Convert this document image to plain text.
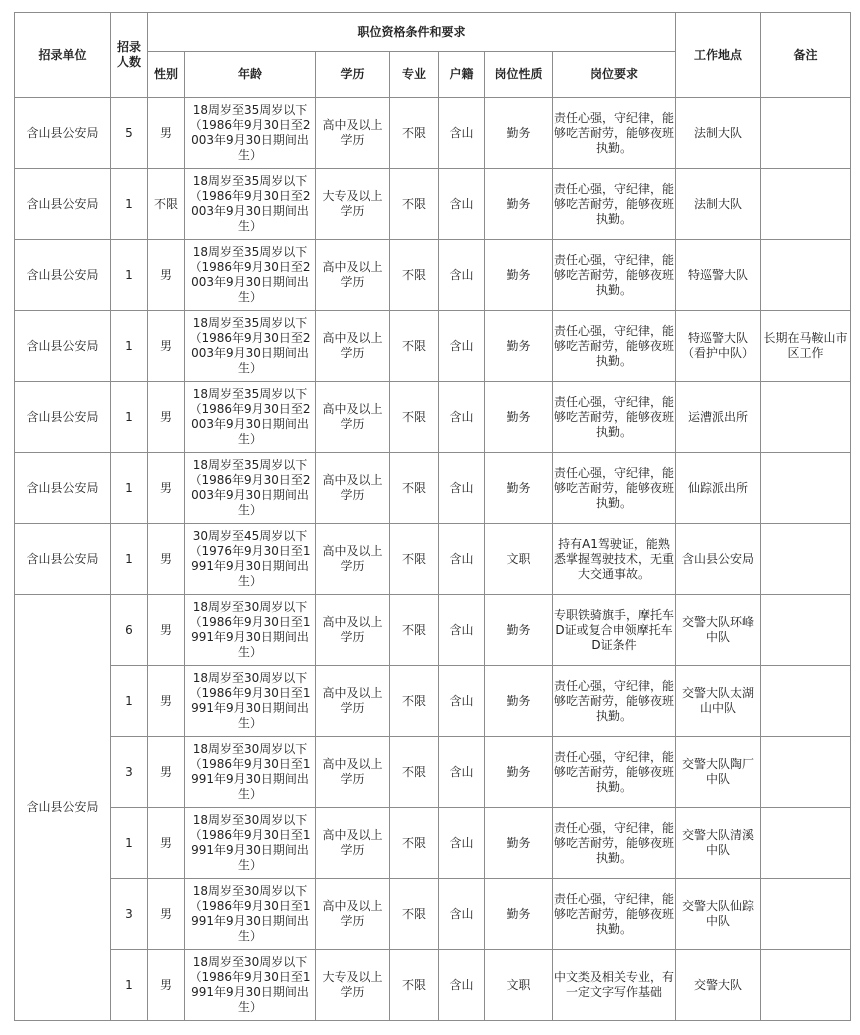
招录单位	招录人数	职位资格条件和要求							工作地点	备注
		性别	年龄	学历	专业	户籍	岗位性质	岗位要求		
含山县公安局	5	男	18周岁至35周岁以下（1986年9月30日至2003年9月30日期间出生）	高中及以上学历	不限	含山	勤务	责任心强，守纪律，能够吃苦耐劳，能够夜班执勤。	法制大队	
含山县公安局	1	不限	18周岁至35周岁以下（1986年9月30日至2003年9月30日期间出生）	大专及以上学历	不限	含山	勤务	责任心强，守纪律，能够吃苦耐劳，能够夜班执勤。	法制大队	
含山县公安局	1	男	18周岁至35周岁以下（1986年9月30日至2003年9月30日期间出生）	高中及以上学历	不限	含山	勤务	责任心强，守纪律，能够吃苦耐劳，能够夜班执勤。	特巡警大队	
含山县公安局	1	男	18周岁至35周岁以下（1986年9月30日至2003年9月30日期间出生）	高中及以上学历	不限	含山	勤务	责任心强，守纪律，能够吃苦耐劳，能够夜班执勤。	特巡警大队（看护中队）	长期在马鞍山市区工作
含山县公安局	1	男	18周岁至35周岁以下（1986年9月30日至2003年9月30日期间出生）	高中及以上学历	不限	含山	勤务	责任心强，守纪律，能够吃苦耐劳，能够夜班执勤。	运漕派出所	
含山县公安局	1	男	18周岁至35周岁以下（1986年9月30日至2003年9月30日期间出生）	高中及以上学历	不限	含山	勤务	责任心强，守纪律，能够吃苦耐劳，能够夜班执勤。	仙踪派出所	
含山县公安局	1	男	30周岁至45周岁以下（1976年9月30日至1991年9月30日期间出生）	高中及以上学历	不限	含山	文职	持有A1驾驶证，能熟悉掌握驾驶技术，无重大交通事故。	含山县公安局	
含山县公安局	6	男	18周岁至30周岁以下（1986年9月30日至1991年9月30日期间出生）	高中及以上学历	不限	含山	勤务	专职铁骑旗手，摩托车D证或复合申领摩托车D证条件	交警大队环峰中队	
	1	男	18周岁至30周岁以下（1986年9月30日至1991年9月30日期间出生）	高中及以上学历	不限	含山	勤务	责任心强，守纪律，能够吃苦耐劳，能够夜班执勤。	交警大队太湖山中队	
	3	男	18周岁至30周岁以下（1986年9月30日至1991年9月30日期间出生）	高中及以上学历	不限	含山	勤务	责任心强，守纪律，能够吃苦耐劳，能够夜班执勤。	交警大队陶厂中队	
	1	男	18周岁至30周岁以下（1986年9月30日至1991年9月30日期间出生）	高中及以上学历	不限	含山	勤务	责任心强，守纪律，能够吃苦耐劳，能够夜班执勤。	交警大队清溪中队	
	3	男	18周岁至30周岁以下（1986年9月30日至1991年9月30日期间出生）	高中及以上学历	不限	含山	勤务	责任心强，守纪律，能够吃苦耐劳，能够夜班执勤。	交警大队仙踪中队	
	1	男	18周岁至30周岁以下（1986年9月30日至1991年9月30日期间出生）	大专及以上学历	不限	含山	文职	中文类及相关专业，有一定文字写作基础	交警大队	
